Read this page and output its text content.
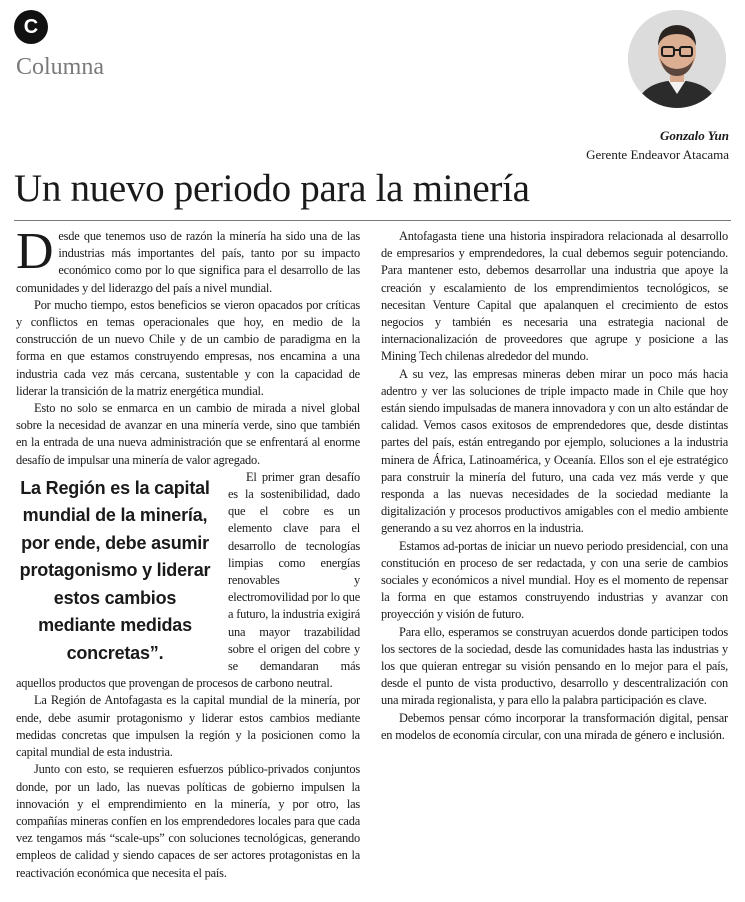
C
Columna
Gonzalo Yun
Gerente Endeavor Atacama
Un nuevo periodo para la minería

Desde que tenemos uso de razón la minería ha sido una de las industrias más importantes del país, tanto por su impacto económico como por lo que significa para el desarrollo de las comunidades y del liderazgo del país a nivel mundial.

Por mucho tiempo, estos beneficios se vieron opacados por críticas y conflictos en temas operacionales que hoy, en medio de la construcción de un nuevo Chile y de un cambio de paradigma en la forma en que estamos construyendo empresas, nos encamina a una industria cada vez más cercana, sustentable y con la capacidad de liderar la transición de la matriz energética mundial.

Esto no solo se enmarca en un cambio de mirada a nivel global sobre la necesidad de avanzar en una minería verde, sino que también en la entrada de una nueva administración que se enfrentará al enorme desafío de impulsar una minería de valor agregado.

La Región es la capital mundial de la minería, por ende, debe asumir protagonismo y liderar estos cambios mediante medidas concretas”.

El primer gran desafío es la sostenibilidad, dado que el cobre es un elemento clave para el desarrollo de tecnologías limpias como energías renovables y electromovilidad por lo que a futuro, la industria exigirá una mayor trazabilidad sobre el origen del cobre y se demandaran más aquellos productos que provengan de procesos de carbono neutral.

La Región de Antofagasta es la capital mundial de la minería, por ende, debe asumir protagonismo y liderar estos cambios mediante medidas concretas que impulsen la región y la posicionen como la capital mundial de esta industria.

Junto con esto, se requieren esfuerzos público-privados conjuntos donde, por un lado, las nuevas políticas de gobierno impulsen la innovación y el emprendimiento en la minería, y por otro, las compañías mineras confíen en los emprendedores locales para que cada vez tengamos más “scale-ups” con soluciones tecnológicas, generando empleos de calidad y siendo capaces de ser actores protagonistas en la reactivación económica que necesita el país.

Antofagasta tiene una historia inspiradora relacionada al desarrollo de empresarios y emprendedores, la cual debemos seguir potenciando. Para mantener esto, debemos desarrollar una industria que apoye la creación y escalamiento de los emprendimientos tecnológicos, se necesitan Venture Capital que apalanquen el crecimiento de estos negocios y también es necesaria una estrategia nacional de internacionalización de proveedores que agrupe y posicione a las Mining Tech chilenas alrededor del mundo.

A su vez, las empresas mineras deben mirar un poco más hacia adentro y ver las soluciones de triple impacto made in Chile que hoy están siendo impulsadas de manera innovadora y con un alto estándar de calidad. Vemos casos exitosos de emprendedores que, desde distintas partes del país, están entregando por ejemplo, soluciones a la industria minera de África, Latinoamérica, y Oceanía. Ellos son el eje estratégico para construir la minería del futuro, una cada vez más verde y que responda a las nuevas necesidades de la sociedad mediante la digitalización y procesos productivos amigables con el medio ambiente generando a su vez ahorros en la industria.

Estamos ad-portas de iniciar un nuevo periodo presidencial, con una constitución en proceso de ser redactada, y con una serie de cambios sociales y económicos a nivel mundial. Hoy es el momento de repensar la forma en que estamos construyendo industrias y avanzar con proyección y visión de futuro.

Para ello, esperamos se construyan acuerdos donde participen todos los sectores de la sociedad, desde las comunidades hasta las industrias y los que quieran entregar su visión pensando en lo mejor para el país, desde el punto de vista productivo, desarrollo y descentralización con una mirada regionalista, y para ello la palabra participación es clave.

Debemos pensar cómo incorporar la transformación digital, pensar en modelos de economía circular, con una mirada de género e inclusión.
